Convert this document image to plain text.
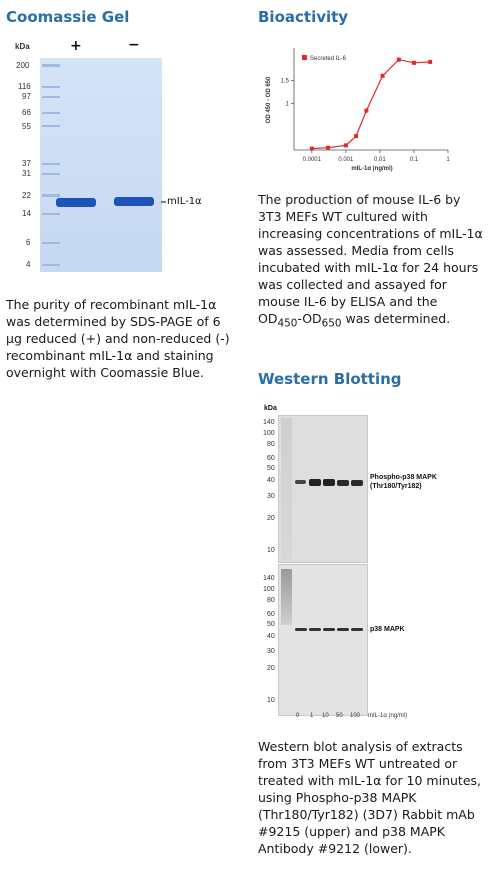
Coomassie Gel
kDa	+	−
200
116
97
66
55
37
31
22
14
6
4
mIL-1α
The purity of recombinant mIL-1α
was determined by SDS-PAGE of 6
µg reduced (+) and non-reduced (-)
recombinant mIL-1α and staining
overnight with Coomassie Blue.
Bioactivity
0.0001	0.001	0.01	0.1	1
1.5
1
Secreted IL-6
mIL-1α (ng/ml)
OD 450 - OD 650
The production of mouse IL-6 by
3T3 MEFs WT cultured with
increasing concentrations of mIL-1α
was assessed. Media from cells
incubated with mIL-1α for 24 hours
was collected and assayed for
mouse IL-6 by ELISA and the
$OD_{450}-OD_{650}$ was determined.
Western Blotting
kDa
140
100
80
60
50
40
30
20
10
140
100
80
60
50
40
30
20
10
Phospho-p38 MAPK
(Thr180/Tyr182)
p38 MAPK
0 1 10 50 100 mIL-1α (ng/ml)
Western blot analysis of extracts
from 3T3 MEFs WT untreated or
treated with mIL-1α for 10 minutes,
using Phospho-p38 MAPK
(Thr180/Tyr182) (3D7) Rabbit mAb
#9215 (upper) and p38 MAPK
Antibody #9212 (lower).
